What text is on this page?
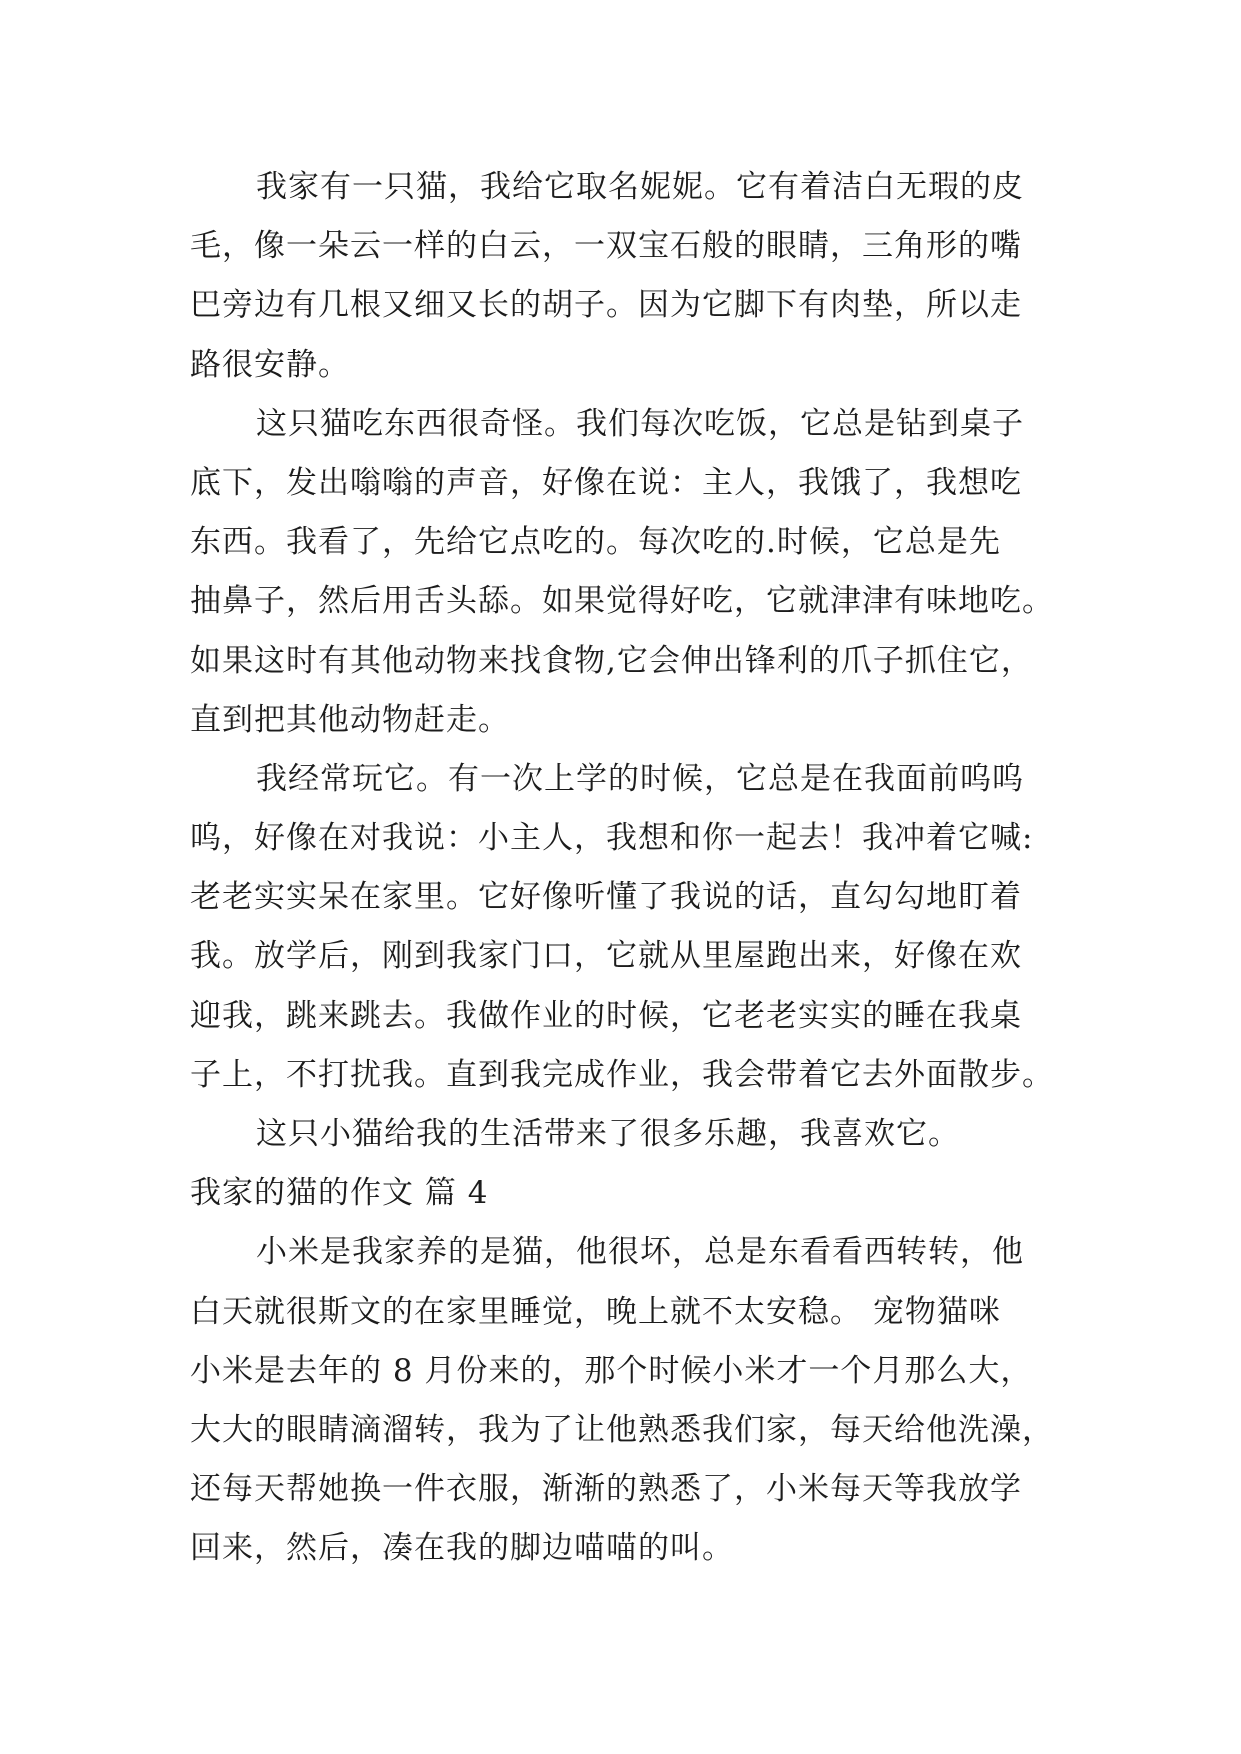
我家有一只猫，我给它取名妮妮。它有着洁白无瑕的皮
毛，像一朵云一样的白云，一双宝石般的眼睛，三角形的嘴
巴旁边有几根又细又长的胡子。因为它脚下有肉垫，所以走
路很安静。
这只猫吃东西很奇怪。我们每次吃饭，它总是钻到桌子
底下，发出嗡嗡的声音，好像在说：主人，我饿了，我想吃
东西。我看了，先给它点吃的。每次吃的.时候，它总是先
抽鼻子，然后用舌头舔。如果觉得好吃，它就津津有味地吃。
如果这时有其他动物来找食物,它会伸出锋利的爪子抓住它，
直到把其他动物赶走。
我经常玩它。有一次上学的时候，它总是在我面前呜呜
呜，好像在对我说：小主人，我想和你一起去！我冲着它喊:
老老实实呆在家里。它好像听懂了我说的话，直勾勾地盯着
我。放学后，刚到我家门口，它就从里屋跑出来，好像在欢
迎我，跳来跳去。我做作业的时候，它老老实实的睡在我桌
子上，不打扰我。直到我完成作业，我会带着它去外面散步。
这只小猫给我的生活带来了很多乐趣，我喜欢它。
我家的猫的作文 篇 4
小米是我家养的是猫，他很坏，总是东看看西转转，他
白天就很斯文的在家里睡觉，晚上就不太安稳。 宠物猫咪
小米是去年的 8 月份来的，那个时候小米才一个月那么大，
大大的眼睛滴溜转，我为了让他熟悉我们家，每天给他洗澡，
还每天帮她换一件衣服，渐渐的熟悉了，小米每天等我放学
回来，然后，凑在我的脚边喵喵的叫。
